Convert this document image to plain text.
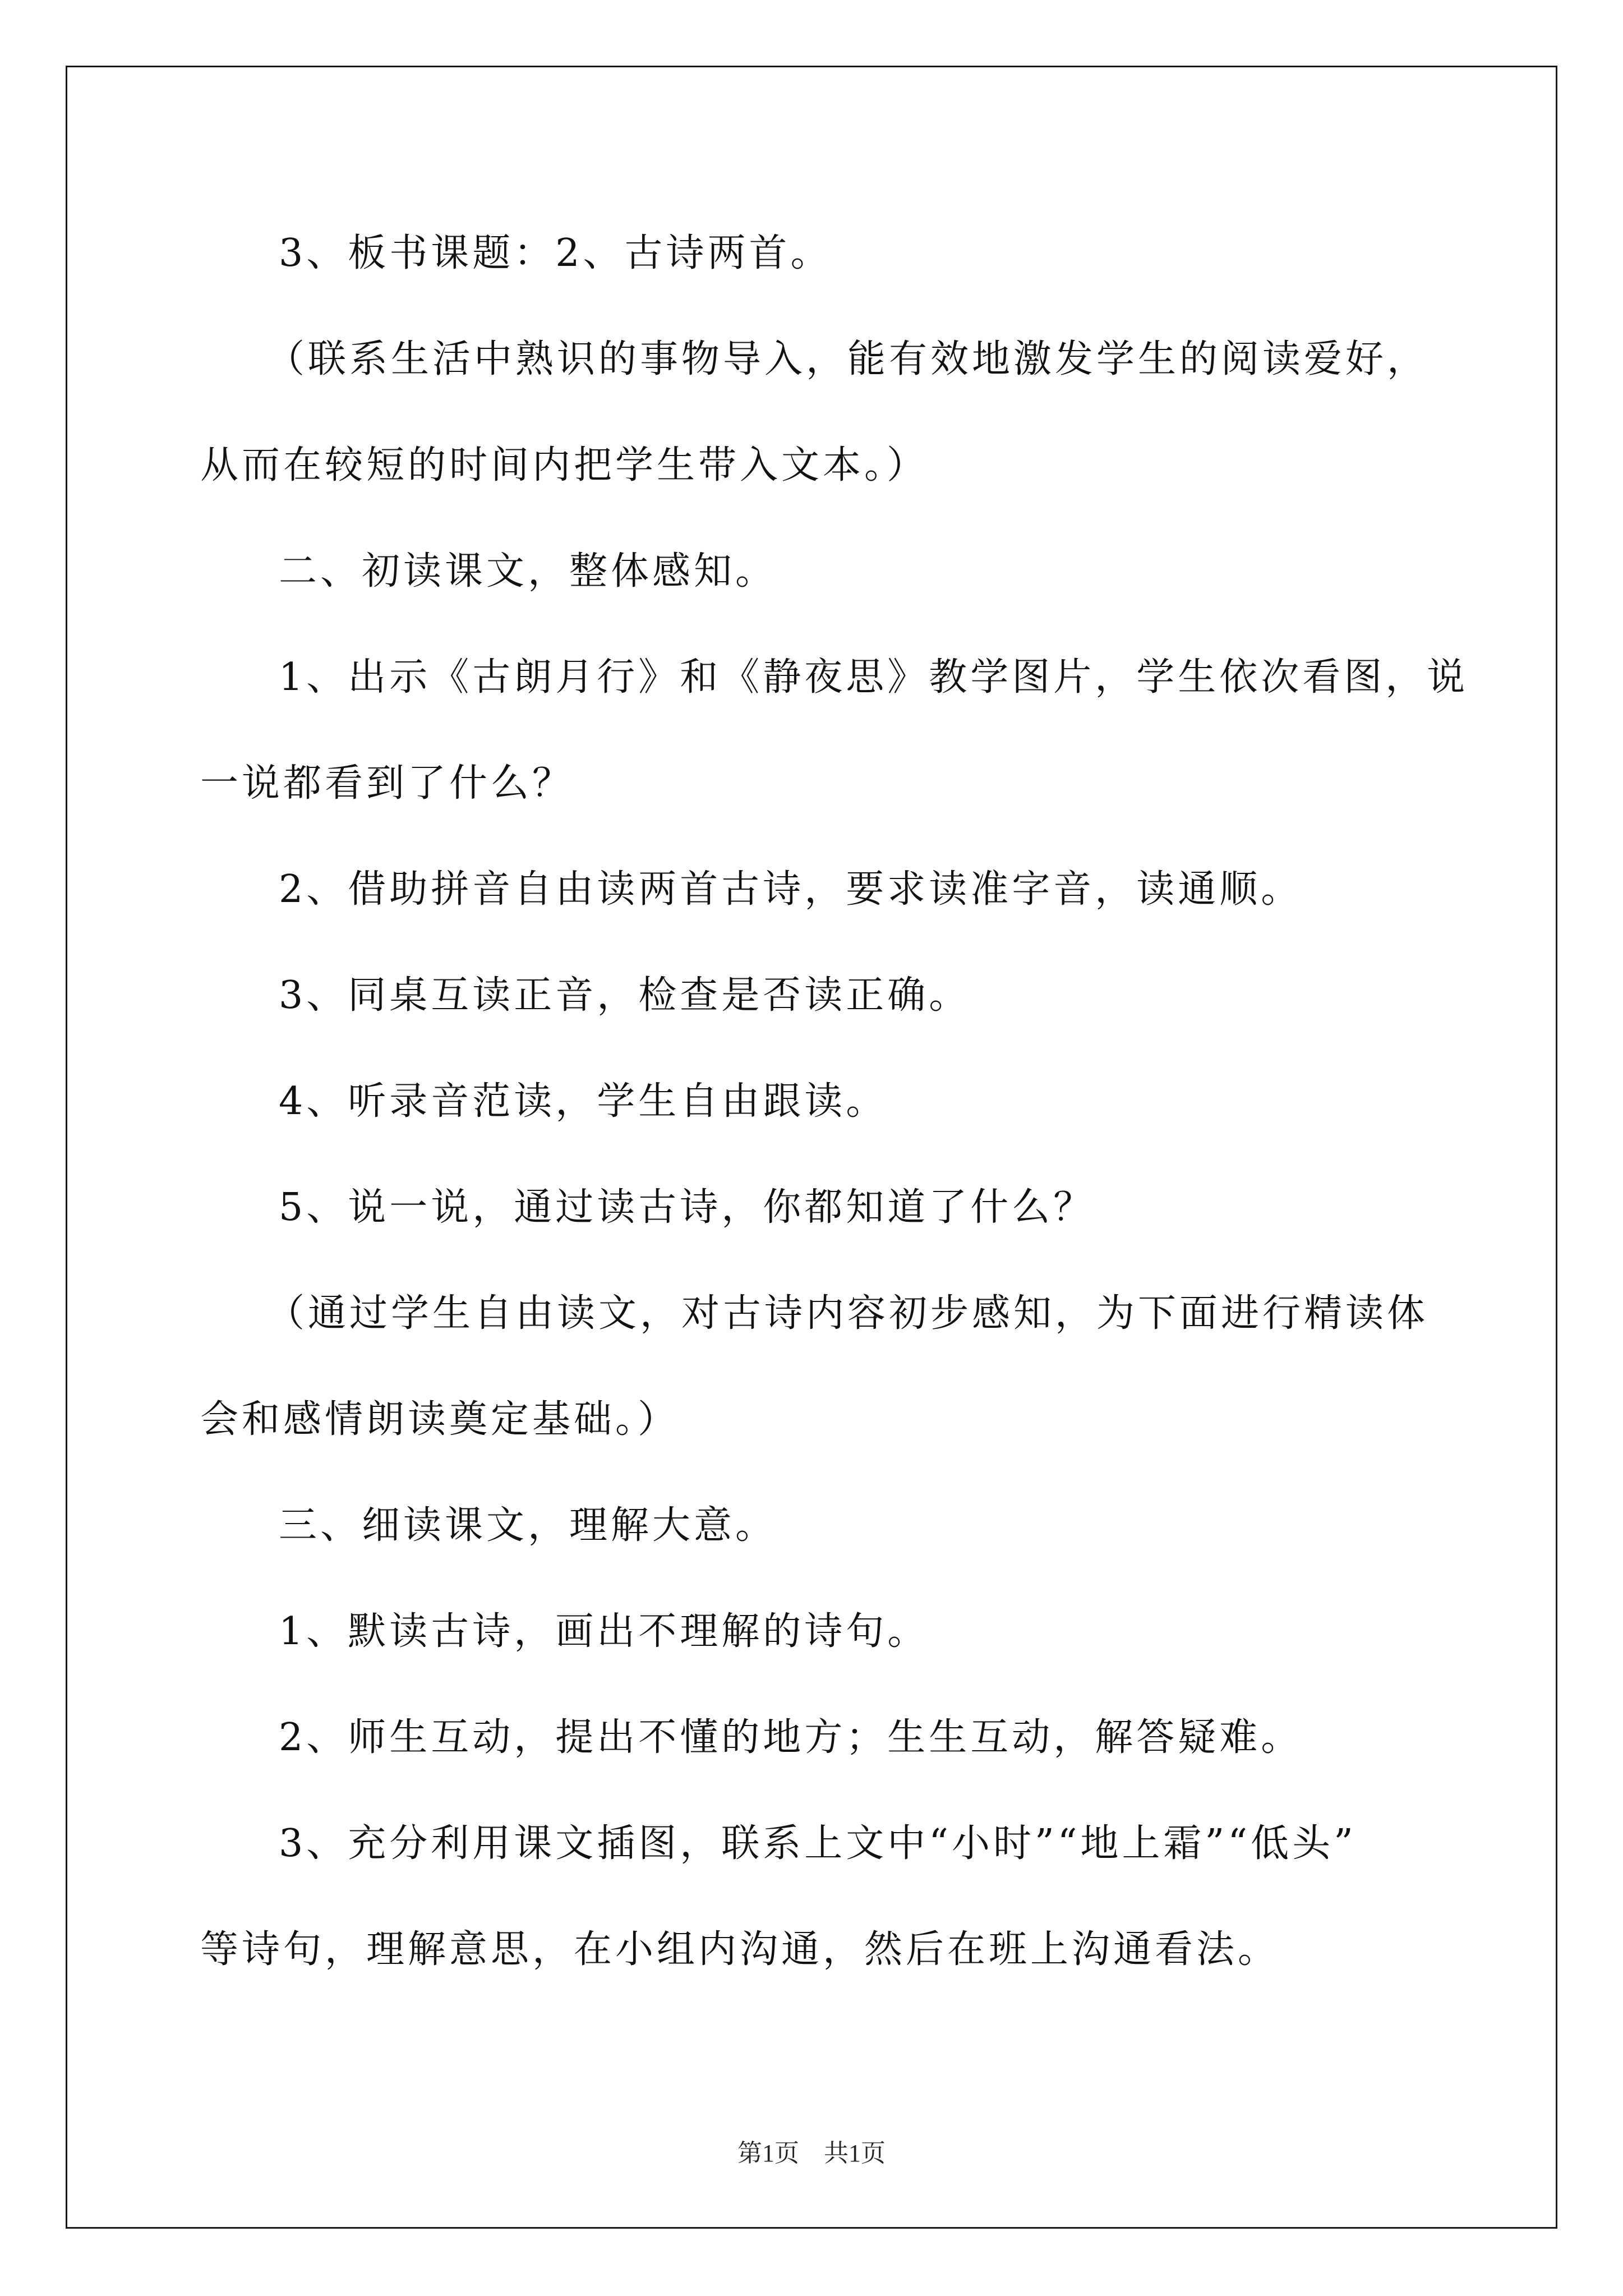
3、板书课题：2、古诗两首。
（联系生活中熟识的事物导入，能有效地激发学生的阅读爱好，
从而在较短的时间内把学生带入文本。）
二、初读课文，整体感知。
1、出示《古朗月行》和《静夜思》教学图片，学生依次看图，说
一说都看到了什么？
2、借助拼音自由读两首古诗，要求读准字音，读通顺。
3、同桌互读正音，检查是否读正确。
4、听录音范读，学生自由跟读。
5、说一说，通过读古诗，你都知道了什么？
（通过学生自由读文，对古诗内容初步感知，为下面进行精读体
会和感情朗读奠定基础。）
三、细读课文，理解大意。
1、默读古诗，画出不理解的诗句。
2、师生互动，提出不懂的地方；生生互动，解答疑难。
3、充分利用课文插图，联系上文中“小时”“地上霜”“低头”
等诗句，理解意思，在小组内沟通，然后在班上沟通看法。
第1页　共1页
